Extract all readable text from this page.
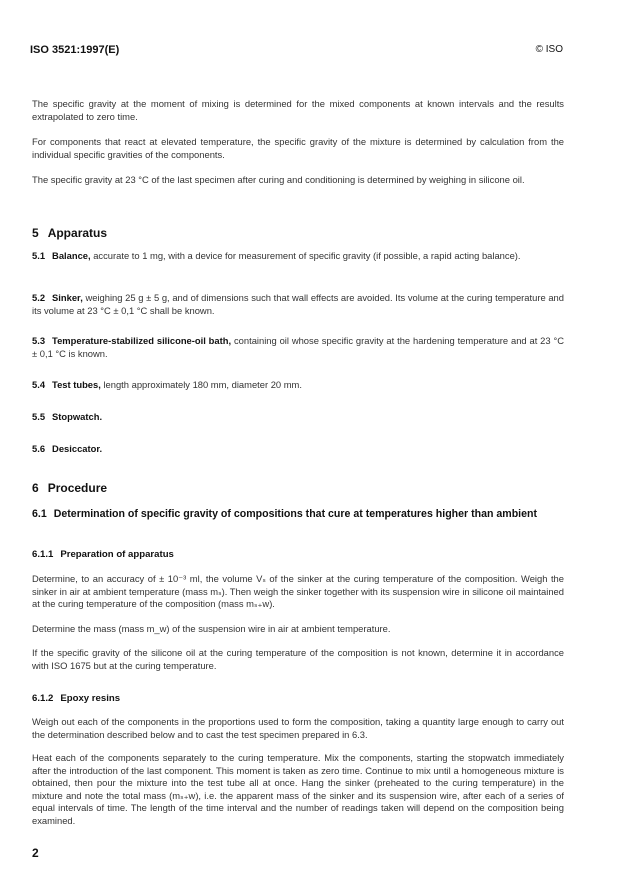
ISO 3521:1997(E)	© ISO
The specific gravity at the moment of mixing is determined for the mixed components at known intervals and the results extrapolated to zero time.
For components that react at elevated temperature, the specific gravity of the mixture is determined by calculation from the individual specific gravities of the components.
The specific gravity at 23 °C of the last specimen after curing and conditioning is determined by weighing in silicone oil.
5 Apparatus
5.1 Balance, accurate to 1 mg, with a device for measurement of specific gravity (if possible, a rapid acting balance).
5.2 Sinker, weighing 25 g ± 5 g, and of dimensions such that wall effects are avoided. Its volume at the curing temperature and its volume at 23 °C ± 0,1 °C shall be known.
5.3 Temperature-stabilized silicone-oil bath, containing oil whose specific gravity at the hardening temperature and at 23 °C ± 0,1 °C is known.
5.4 Test tubes, length approximately 180 mm, diameter 20 mm.
5.5 Stopwatch.
5.6 Desiccator.
6 Procedure
6.1 Determination of specific gravity of compositions that cure at temperatures higher than ambient
6.1.1 Preparation of apparatus
Determine, to an accuracy of ± 10⁻³ ml, the volume Vₛ of the sinker at the curing temperature of the composition. Weigh the sinker in air at ambient temperature (mass mₛ). Then weigh the sinker together with its suspension wire in silicone oil maintained at the curing temperature of the composition (mass mₛ₊w).
Determine the mass (mass m_w) of the suspension wire in air at ambient temperature.
If the specific gravity of the silicone oil at the curing temperature of the composition is not known, determine it in accordance with ISO 1675 but at the curing temperature.
6.1.2 Epoxy resins
Weigh out each of the components in the proportions used to form the composition, taking a quantity large enough to carry out the determination described below and to cast the test specimen prepared in 6.3.
Heat each of the components separately to the curing temperature. Mix the components, starting the stopwatch immediately after the introduction of the last component. This moment is taken as zero time. Continue to mix until a homogeneous mixture is obtained, then pour the mixture into the test tube all at once. Hang the sinker (preheated to the curing temperature) in the mixture and note the total mass (mₛ₊w), i.e. the apparent mass of the sinker and its suspension wire, after each of a series of equal intervals of time. The length of the time interval and the number of readings taken will depend on the composition being examined.
2
